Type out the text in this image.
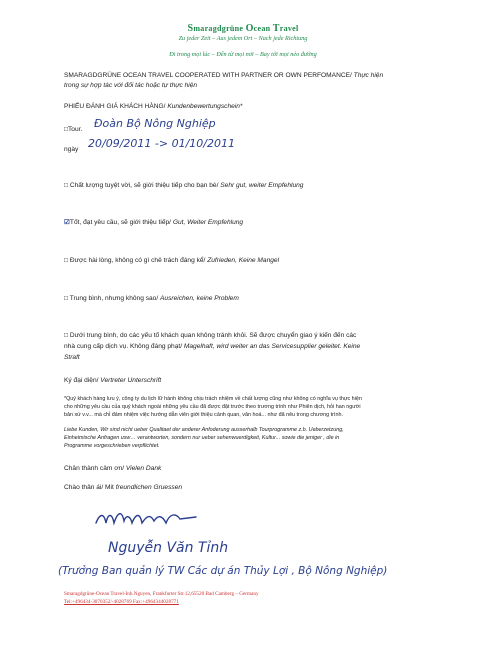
Smaragdgrüne Ocean Travel
Zu jeder Zeit – Aus jedem Ort – Nach jede Richtung
Đi trong mọi lúc – Đến từ mọi nơi – Bay tới mọi nẻo đường
SMARAGDGRÜNE OCEAN TRAVEL COOPERATED WITH PARTNER OR OWN PERFOMANCE/ Thực hiện
trong sự hợp tác với đối tác hoặc tự thực hiện
PHIẾU ĐÁNH GIÁ KHÁCH HÀNG/ Kundenbewertungschein*
□Tour. Đoàn Bộ Nông Nghiệp
ngày 20/09/2011 -> 01/10/2011
□ Chất lượng tuyệt vời, sẽ giới thiệu tiếp cho bạn bè/ Sehr gut, weiter Empfehlung
☑Tốt, đạt yêu cầu, sẽ giới thiệu tiếp/ Gut, Weiter Empfehlung
□ Được hài lòng, không có gì chê trách đáng kể/ Zufrieden, Keine Mangel
□ Trung bình, nhưng không sao/ Ausreichen, keine Problem
□ Dưới trung bình, do các yếu tố khách quan không tránh khỏi. Sẽ được chuyển giao ý kiến đến các
nhà cung cấp dịch vụ. Không đáng phạt/ Magelhaft, wird weiter an das Servicesupplier geleitet. Keine
Straft
Ký đại diện/ Vertreter Unterschrift
*Quý khách hàng lưu ý, công ty du lịch lữ hành không chịu trách nhiệm về chất lượng cũng như không có nghĩa vụ thực hiện
cho những yêu cầu của quý khách ngoài những yêu cầu đã được đặt trước theo trương trình như Phiên dịch, hỏi han người
bản xứ v.v... mà chỉ đảm nhiệm việc hướng dẫn viên giới thiệu cảnh quan, văn hoá... như đã nêu trong chương trình.
Liebe Kunden, Wir sind nicht ueber Qualitaet der anderer Anfoderung ausserhalb Tourprogramme z.b. Ueberzetzung,
Einheimische Anfragen usw… verantworten, sondern nur ueber sehenwuerdigkeit, Kultur... sowie die jeniger , die in
Programme vorgeschrieben verpflichtet.
Chân thành cảm ơn/ Vielen Dank
Chào thân ái/ Mit freundlichen Gruessen
Nguyễn Văn Tỉnh
(Trưởng Ban quản lý TW Các dự án Thủy Lợi , Bộ Nông Nghiệp)
Smaragdgrüne-Ocean Travel-Inh.Nguyen, Frankfurter Str.12,65520 Bad Camberg – Germany
Tel:+496434-3070352/-4028769 Fax:+4964344028771
